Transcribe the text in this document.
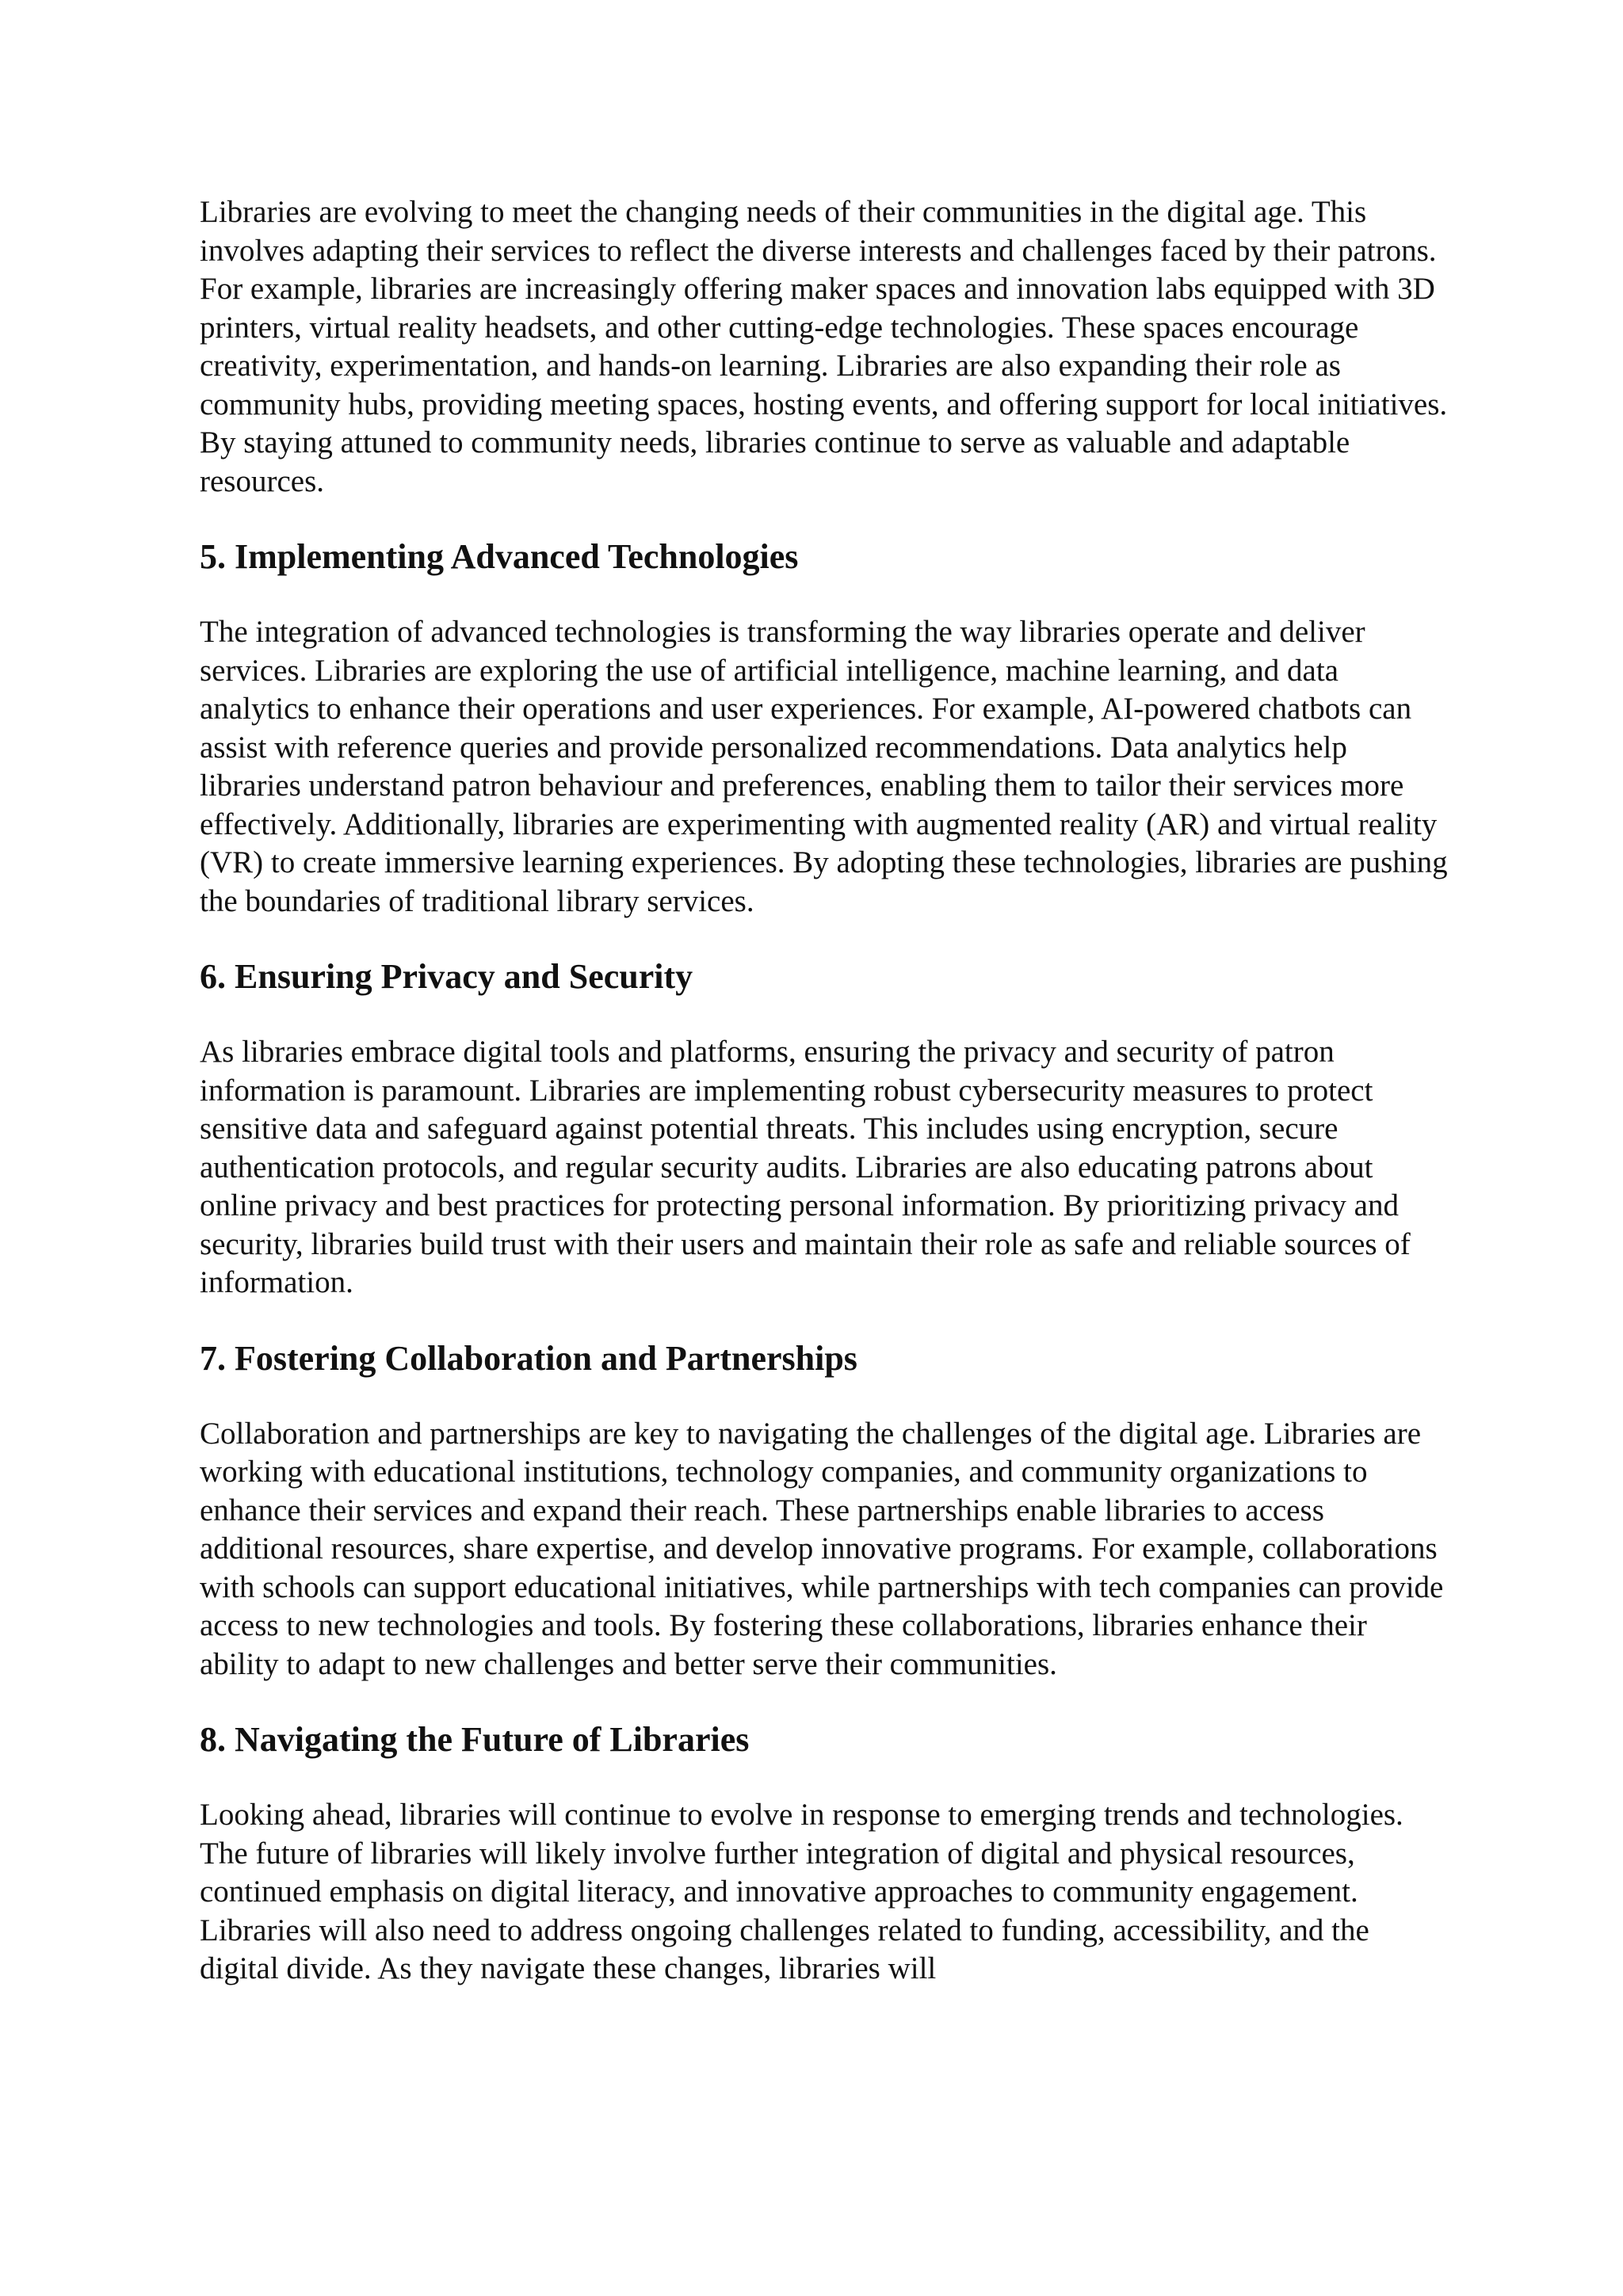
Libraries are evolving to meet the changing needs of their communities in the digital age. This involves adapting their services to reflect the diverse interests and challenges faced by their patrons. For example, libraries are increasingly offering maker spaces and innovation labs equipped with 3D printers, virtual reality headsets, and other cutting-edge technologies. These spaces encourage creativity, experimentation, and hands-on learning. Libraries are also expanding their role as community hubs, providing meeting spaces, hosting events, and offering support for local initiatives. By staying attuned to community needs, libraries continue to serve as valuable and adaptable resources.

5. Implementing Advanced Technologies

The integration of advanced technologies is transforming the way libraries operate and deliver services. Libraries are exploring the use of artificial intelligence, machine learning, and data analytics to enhance their operations and user experiences. For example, AI-powered chatbots can assist with reference queries and provide personalized recommendations. Data analytics help libraries understand patron behaviour and preferences, enabling them to tailor their services more effectively. Additionally, libraries are experimenting with augmented reality (AR) and virtual reality (VR) to create immersive learning experiences. By adopting these technologies, libraries are pushing the boundaries of traditional library services.

6. Ensuring Privacy and Security

As libraries embrace digital tools and platforms, ensuring the privacy and security of patron information is paramount. Libraries are implementing robust cybersecurity measures to protect sensitive data and safeguard against potential threats. This includes using encryption, secure authentication protocols, and regular security audits. Libraries are also educating patrons about online privacy and best practices for protecting personal information. By prioritizing privacy and security, libraries build trust with their users and maintain their role as safe and reliable sources of information.

7. Fostering Collaboration and Partnerships

Collaboration and partnerships are key to navigating the challenges of the digital age. Libraries are working with educational institutions, technology companies, and community organizations to enhance their services and expand their reach. These partnerships enable libraries to access additional resources, share expertise, and develop innovative programs. For example, collaborations with schools can support educational initiatives, while partnerships with tech companies can provide access to new technologies and tools. By fostering these collaborations, libraries enhance their ability to adapt to new challenges and better serve their communities.

8. Navigating the Future of Libraries

Looking ahead, libraries will continue to evolve in response to emerging trends and technologies. The future of libraries will likely involve further integration of digital and physical resources, continued emphasis on digital literacy, and innovative approaches to community engagement. Libraries will also need to address ongoing challenges related to funding, accessibility, and the digital divide. As they navigate these changes, libraries will
